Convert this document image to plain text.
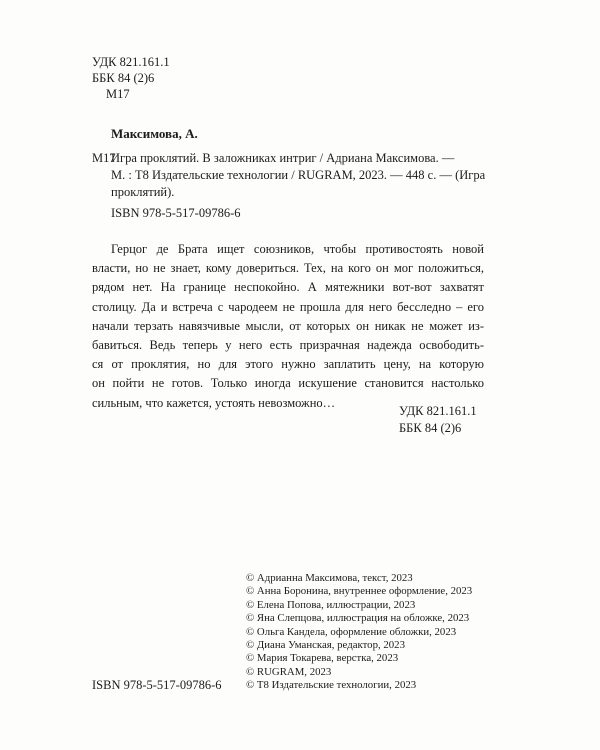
УДК 821.161.1
ББК 84 (2)6
М17
Максимова, А.
М17Игра проклятий. В заложниках интриг / Адриана Максимова. —
М. : Т8 Издательские технологии / RUGRAM, 2023. — 448 с. — (Игра
проклятий).
ISBN 978-5-517-09786-6
Герцог де Брата ищет союзников, чтобы противостоять новой
власти, но не знает, кому довериться. Тех, на кого он мог положиться,
рядом нет. На границе неспокойно. А мятежники вот-вот захватят
столицу. Да и встреча с чародеем не прошла для него бесследно – его
начали терзать навязчивые мысли, от которых он никак не может из-
бавиться. Ведь теперь у него есть призрачная надежда освободить-
ся от проклятия, но для этого нужно заплатить цену, на которую
он пойти не готов. Только иногда искушение становится настолько
сильным, что кажется, устоять невозможно…
УДК 821.161.1
ББК 84 (2)6
© Адрианна Максимова, текст, 2023
© Анна Боронина, внутреннее оформление, 2023
© Елена Попова, иллюстрации, 2023
© Яна Слепцова, иллюстрация на обложке, 2023
© Ольга Кандела, оформление обложки, 2023
© Диана Уманская, редактор, 2023
© Мария Токарева, верстка, 2023
© RUGRAM, 2023
© Т8 Издательские технологии, 2023
ISBN 978-5-517-09786-6
